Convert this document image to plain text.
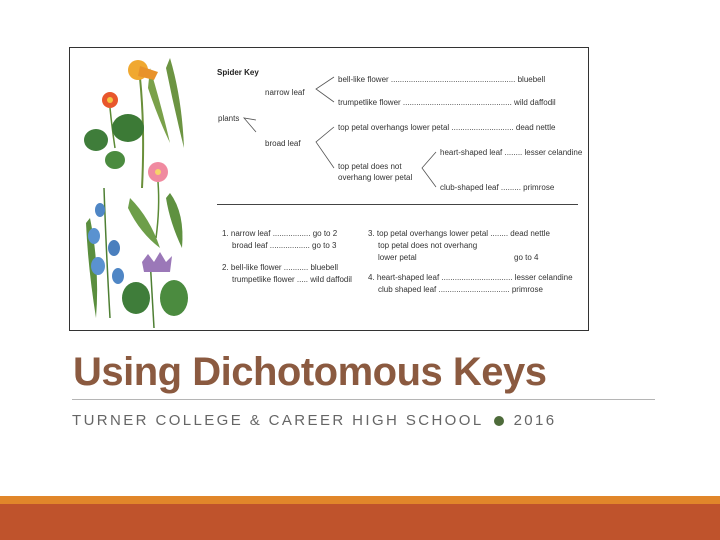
Spider Key
narrow leaf
plants
broad leaf
bell-like flower ........................................................ bluebell
trumpetlike flower ................................................. wild daffodil
top petal overhangs lower petal ............................ dead nettle
heart-shaped leaf ........ lesser celandine
top petal does not
overhang lower petal
club-shaped leaf ......... primrose
1. narrow leaf ................. go to 2
broad leaf .................. go to 3
2. bell-like flower ........... bluebell
trumpetlike flower ..... wild daffodil
3. top petal overhangs lower petal ........ dead nettle
top petal does not overhang
lower petal	go to 4
4. heart-shaped leaf ................................ lesser celandine
club shaped leaf ................................ primrose
Using Dichotomous Keys
TURNER COLLEGE & CAREER HIGH SCHOOL 2016
